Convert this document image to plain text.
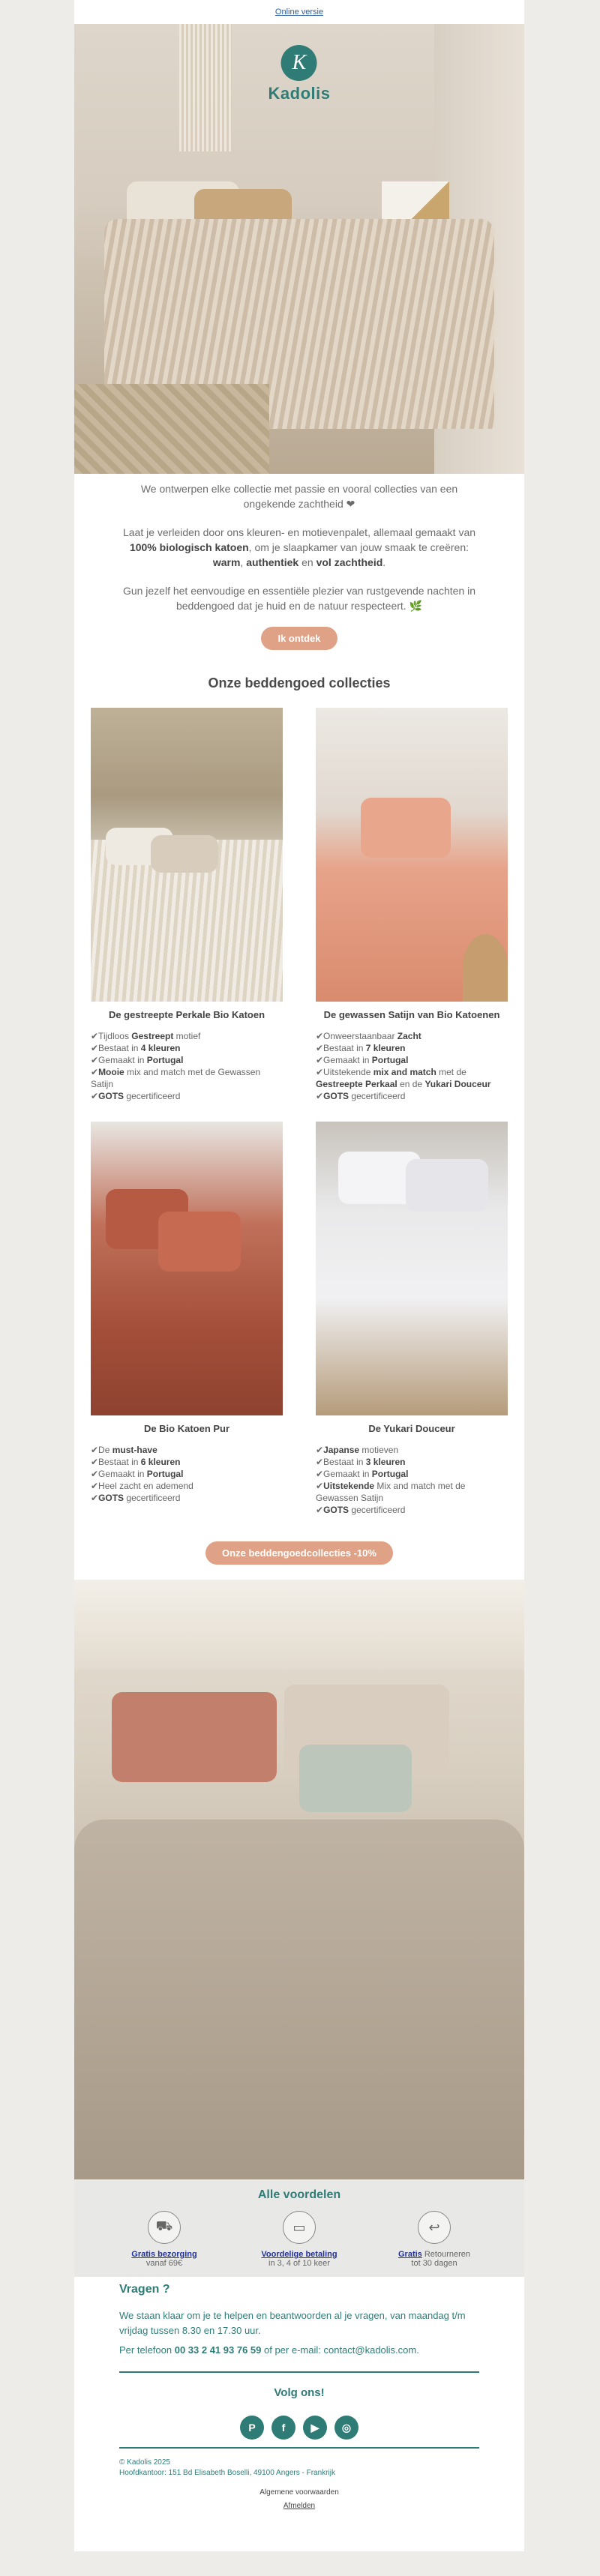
Online versie
K
Kadolis

We ontwerpen elke collectie met passie en vooral collecties van een ongekende zachtheid ❤

Laat je verleiden door ons kleuren- en motievenpalet, allemaal gemaakt van 100% biologisch katoen, om je slaapkamer van jouw smaak te creëren: warm, authentiek en vol zachtheid.

Gun jezelf het eenvoudige en essentiële plezier van rustgevende nachten in beddengoed dat je huid en de natuur respecteert. 🌿

Ik ontdek
Onze beddengoed collecties
De gestreepte Perkale Bio Katoen
✔Tijdloos Gestreept motief
✔Bestaat in 4 kleuren
✔Gemaakt in Portugal
✔Mooie mix and match met de Gewassen Satijn
✔GOTS gecertificeerd
De gewassen Satijn van Bio Katoenen
✔Onweerstaanbaar Zacht
✔Bestaat in 7 kleuren
✔Gemaakt in Portugal
✔Uitstekende mix and match met de Gestreepte Perkaal en de Yukari Douceur
✔GOTS gecertificeerd
De Bio Katoen Pur
✔De must-have
✔Bestaat in 6 kleuren
✔Gemaakt in Portugal
✔Heel zacht en ademend
✔GOTS gecertificeerd
De Yukari Douceur
✔Japanse motieven
✔Bestaat in 3 kleuren
✔Gemaakt in Portugal
✔Uitstekende Mix and match met de Gewassen Satijn
✔GOTS gecertificeerd
Onze beddengoedcollecties -10%
Alle voordelen
⛟
Gratis bezorging
vanaf 69€
▭
Voordelige betaling
in 3, 4 of 10 keer
↩
Gratis Retourneren
tot 30 dagen
Vragen ?

We staan klaar om je te helpen en beantwoorden al je vragen, van maandag t/m vrijdag tussen 8.30 en 17.30 uur.

Per telefoon 00 33 2 41 93 76 59 of per e-mail: contact@kadolis.com.

Volg ons!
P	f	▶	◎
© Kadolis 2025
Hoofdkantoor: 151 Bd Elisabeth Boselli, 49100 Angers - Frankrijk
Algemene voorwaarden
Afmelden
